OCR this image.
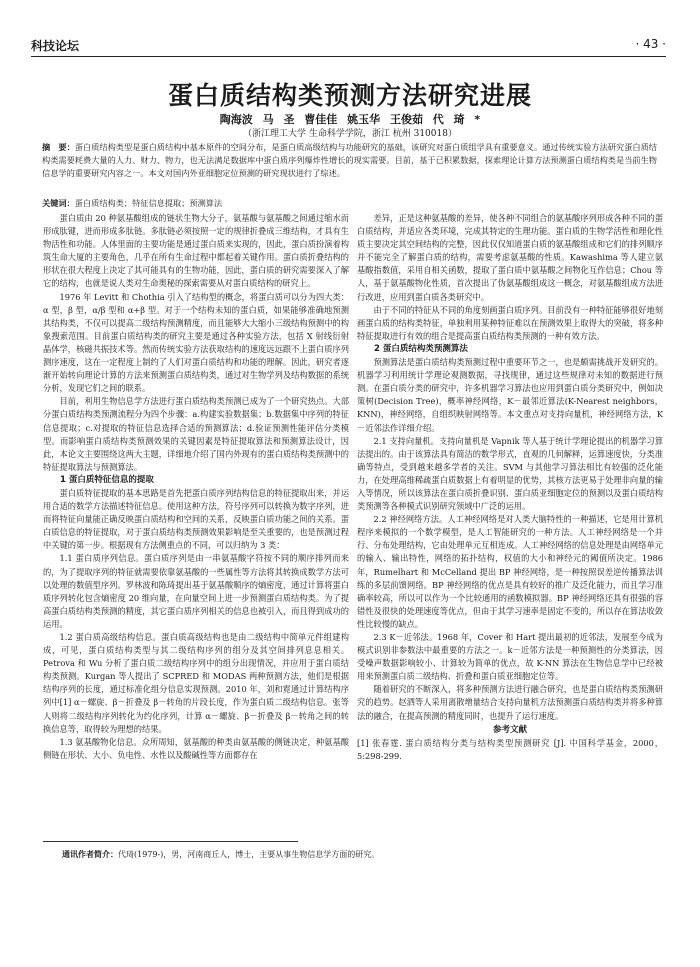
科技论坛	· 43 ·
蛋白质结构类预测方法研究进展
陶海波 马 圣 曹佳佳 姚玉华 王俊茹 代 琦 *
（浙江理工大学 生命科学学院，浙江 杭州 310018）
摘　要：蛋白质结构类型是蛋白质结构中基本原件的空间分布，是蛋白质高级结构与功能研究的基础，该研究对蛋白质组学具有重要意义。通过传统实验方法研究蛋白质结构类需要耗费大量的人力、财力、物力，也无法满足数据库中蛋白质序列爆炸性增长的现实需要。目前，基于已积累数据，探索理论计算方法预测蛋白质结构类是当前生物信息学的重要研究内容之一。本文对国内外亚细胞定位预测的研究现状进行了综述。
关键词：蛋白质结构类；特征信息提取；预测算法

蛋白质由 20 种氨基酸组成的链状生物大分子，氨基酸与氨基酸之间通过缩水而形成肽键，进而形成多肽链。多肽链必须按照一定的规律折叠成三维结构，才具有生物活性和功能。人体里面的主要功能是通过蛋白质来实现的，因此，蛋白质扮演着构筑生命大厦的主要角色，几乎在所有生命过程中都起着关键作用。蛋白质折叠结构的形状在很大程度上决定了其可能具有的生物功能，因此，蛋白质的研究需要深入了解它的结构，也就是说人类对生命奥秘的探索需要从对蛋白质结构的研究上。

1976 年 Levitt 和 Chothia 引入了结构型的概念，将蛋白质可以分为四大类：α 型，β 型，α/β 型和 α+β 型。对于一个结构未知的蛋白质，如果能够准确地预测其结构类，不仅可以提高二级结构预测精度，而且能够大大缩小三级结构预测中的构象搜索范围。目前蛋白质结构类的研究主要是通过各种实验方法，包括 X 射线衍射晶体学，核磁共振技术等。然而传统实验方法获取结构的速度远远跟不上蛋白质序列测序速度，这在一定程度上制约了人们对蛋白质结构和功能的理解。因此，研究者逐渐开始转向理论计算的方法来预测蛋白质结构类，通过对生物学列及结构数据的系统分析，发现它们之间的联系。

目前，利用生物信息学方法进行蛋白质结构类预测已成为了一个研究热点。大部分蛋白质结构类预测流程分为四个步骤：a.构建实验数据集；b.数据集中序列的特征信息提取；c.对提取的特征信息选择合适的预测算法；d.验证预测性能评估分类模型。而影响蛋白质结构类预测效果的关键因素是特征提取算法和预测算法设计，因此，本论文主要围绕这两大主题，详细地介绍了国内外现有的蛋白质结构类预测中的特征提取算法与预测算法。

1 蛋白质特征信息的提取

蛋白质特征提取的基本思路是首先把蛋白质序列结构信息的特征提取出来，并运用合适的数学方法描述特征信息。使用这种方法，符号序列可以转换为数字序列，进而将特征向量能正确反映蛋白质结构和空间的关系，反映蛋白质功能之间的关系。蛋白质信息的特征提取，对于蛋白质结构类预测效果影响是至关重要的，也是预测过程中关键的第一步。根据现有方法侧重点的不同，可以归纳为 3 类：

1.1 蛋白质序列信息。蛋白质序列是由一串氨基酸字符按不同的顺序排列而来的，为了提取序列的特征就需要依靠氨基酸的一些属性等方法将其转换成数学方法可以处理的数值型序列。罗林波和陈琦提出基于氨基酸顺序的熵密度，通过计算将蛋白质序列转化包含熵密度 20 维向量，在向量空间上进一步预测蛋白质结构类。为了提高蛋白质结构类预测的精度，其它蛋白质序列相关的信息也被引入，而且得到成功的运用。

1.2 蛋白质高级结构信息。蛋白质高级结构也是由二级结构中简单元件组建构成，可见，蛋白质结构类型与其二级结构序列的组分及其空间排列息息相关。Petrova 和 Wu 分析了蛋白质二级结构序列中的组分出现情况，并应用于蛋白质结构类预测。Kurgan 等人提出了 SCPRED 和 MODAS 两种预测方法，他们是根据结构序列的长度，通过标准化组分信息实现预测。2010 年，刘和霓通过计算结构序列中[1] α－螺旋、β－折叠及 β－转角的片段长度，作为蛋白质二级结构信息。张等人则将二级结构序列转化为约化序列，计算 α－螺旋、β－折叠及 β－转角之间的转换信息等，取得较为理想的结果。

1.3 氨基酸物化信息。众所周知，氨基酸的种类由氨基酸的侧链决定，种氨基酸侧链在形状、大小、负电性、水性以及酸碱性等方面都存在

差异，正是这种氨基酸的差异，使各种不同组合的氨基酸序列形成各种不同的蛋白质结构，并适应各类环境，完成其特定的生理功能。蛋白质的生物学活性和理化性质主要决定其空间结构的完整，因此仅仅知道蛋白质的氨基酸组成和它们的排列顺序并不能完全了解蛋白质的结构，需要考虑氨基酸的性质。Kawashima 等人建立氨基酸指数值，采用自相关函数，提取了蛋白质中氨基酸之间物化互作信息；Chou 等人，基于氨基酸物化性质，首次提出了伪氨基酸组成这一概念，对氨基酸组成方法进行改进，应用到蛋白质各类研究中。

由于不同的特征从不同的角度刻画蛋白质序列。目前没有一种特征能够很好地刻画蛋白质的结构类特征，单独利用某种特征难以在预测效果上取得大的突破，将多种特征提取进行有效的组合是提高蛋白质结构类预测的一种有效方法。

2 蛋白质结构类预测算法

预测算法是蛋白质结构类预测过程中重要环节之一，也是颇需挑战开发研究的。机器学习利用统计学理论观测数据，寻找规律，通过这些规律对未知的数据进行预测。在蛋白质分类的研究中，许多机器学习算法也应用到蛋白质分类研究中，例如决策树(Decision Tree)，概率神经网络，K－最邻近算法(K-Nearest neighbors，KNN)，神经网络，自组织映射网络等。本文重点对支持向量机，神经网络方法，K－近邻法作详细介绍。

2.1 支持向量机。支持向量机是 Vapnik 等人基于统计学理论提出的机器学习算法提出的。由于该算法具有简洁的数学形式，直观的几何解释，运算速度快，分类准确等特点，受到越来越多学者的关注。SVM 与其他学习算法相比有较强的泛化能力，在处理高维稀疏蛋白质数据上有着明显的优势，其核方法更易于处理非向量的输入等情况，所以该算法在蛋白质折叠识别、蛋白质亚细胞定位的预测以及蛋白质结构类预测等各种模式识别研究领域中广泛的运用。

2.2 神经网络方法。人工神经网络是对人类大脑特性的一种描述，它是用计算机程序来模拟的一个数学模型，是人工智能研究的一种方法。人工神经网络是一个并行、分布处理结构，它由处理单元互相连成。人工神经网络的信息处理是由网络单元的输入、输出特性，网络的拓扑结构，权值的大小和神经元的阈值所决定。1986 年，Rumelhart 和 McCelland 提出 BP 神经网络，是一种按照误差逆传播算法训练的多层前馈网络。BP 神经网络的优点是具有较好的推广及泛化能力，而且学习准确率较高，所以可以作为一个比较通用的函数模拟器。BP 神经网络还具有很强的容错性及很快的处理速度等优点，但由于其学习速率是固定不变的，所以存在算法收敛性比较慢的缺点。

2.3 K－近邻法。1968 年，Cover 和 Hart 提出最初的近邻法，发展至今成为模式识别非参数法中最重要的方法之一。k－近邻方法是一种预测性的分类算法，因受噪声数据影响较小、计算较为简单的优点，故 K-NN 算法在生物信息学中已经被用来预测蛋白质二级结构、折叠和蛋白质亚细胞定位等。

随着研究的不断深入，将多种预测方法进行融合研究，也是蛋白质结构类预测研究的趋势。赵洒等人采用离散增量结合支持向量机方法预测蛋白质结构类并将多种算法的融合，在提高预测的精度同时，也提升了运行速度。

参考文献

[1] 张春霆. 蛋白质结构分类与结构类型预测研究 [J]. 中国科学基金，2000，5:298-299.

通讯作者简介：代琦(1979-)，男，河南商丘人，博士，主要从事生物信息学方面的研究。
